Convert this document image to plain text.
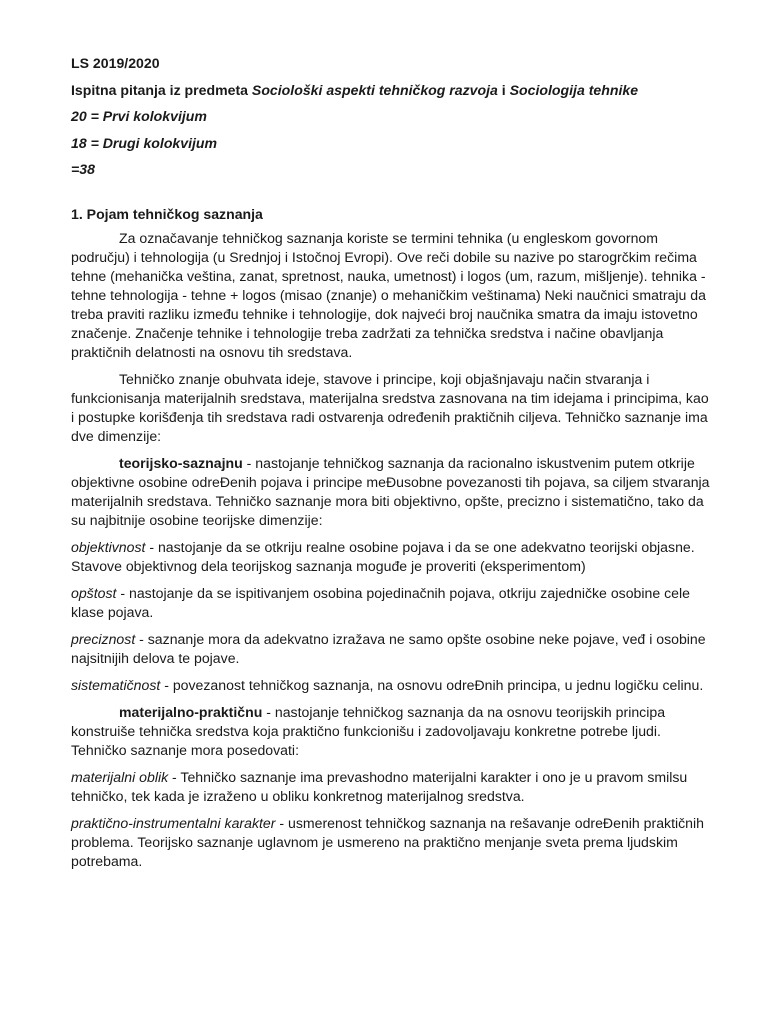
LS 2019/2020

Ispitna pitanja iz predmeta Sociološki aspekti tehničkog razvoja i Sociologija tehnike

20 = Prvi kolokvijum

18 = Drugi kolokvijum

=38

1. Pojam tehničkog saznanja

Za označavanje tehničkog saznanja koriste se termini tehnika (u engleskom govornom području) i tehnologija (u Srednjoj i Istočnoj Evropi). Ove reči dobile su nazive po starogrčkim rečima tehne (mehanička veština, zanat, spretnost, nauka, umetnost) i logos (um, razum, mišljenje). tehnika - tehne tehnologija - tehne + logos (misao (znanje) o mehaničkim veštinama) Neki naučnici smatraju da treba praviti razliku između tehnike i tehnologije, dok najveći broj naučnika smatra da imaju istovetno značenje. Značenje tehnike i tehnologije treba zadržati za tehnička sredstva i načine obavljanja praktičnih delatnosti na osnovu tih sredstava.

Tehničko znanje obuhvata ideje, stavove i principe, koji objašnjavaju način stvaranja i funkcionisanja materijalnih sredstava, materijalna sredstva zasnovana na tim idejama i principima, kao i postupke korišđenja tih sredstava radi ostvarenja određenih praktičnih ciljeva. Tehničko saznanje ima dve dimenzije:

teorijsko-saznajnu - nastojanje tehničkog saznanja da racionalno iskustvenim putem otkrije objektivne osobine odreĐenih pojava i principe meĐusobne povezanosti tih pojava, sa ciljem stvaranja materijalnih sredstava. Tehničko saznanje mora biti objektivno, opšte, precizno i sistematično, tako da su najbitnije osobine teorijske dimenzije:

objektivnost - nastojanje da se otkriju realne osobine pojava i da se one adekvatno teorijski objasne. Stavove objektivnog dela teorijskog saznanja moguđe je proveriti (eksperimentom)

opštost - nastojanje da se ispitivanjem osobina pojedinačnih pojava, otkriju zajedničke osobine cele klase pojava.

preciznost - saznanje mora da adekvatno izražava ne samo opšte osobine neke pojave, veđ i osobine najsitnijih delova te pojave.

sistematičnost - povezanost tehničkog saznanja, na osnovu odreĐnih principa, u jednu logičku celinu.

materijalno-praktičnu - nastojanje tehničkog saznanja da na osnovu teorijskih principa konstruiše tehnička sredstva koja praktično funkcionišu i zadovoljavaju konkretne potrebe ljudi. Tehničko saznanje mora posedovati:

materijalni oblik - Tehničko saznanje ima prevashodno materijalni karakter i ono je u pravom smilsu tehničko, tek kada je izraženo u obliku konkretnog materijalnog sredstva.

praktično-instrumentalni karakter - usmerenost tehničkog saznanja na rešavanje odreĐenih praktičnih problema. Teorijsko saznanje uglavnom je usmereno na praktično menjanje sveta prema ljudskim potrebama.
